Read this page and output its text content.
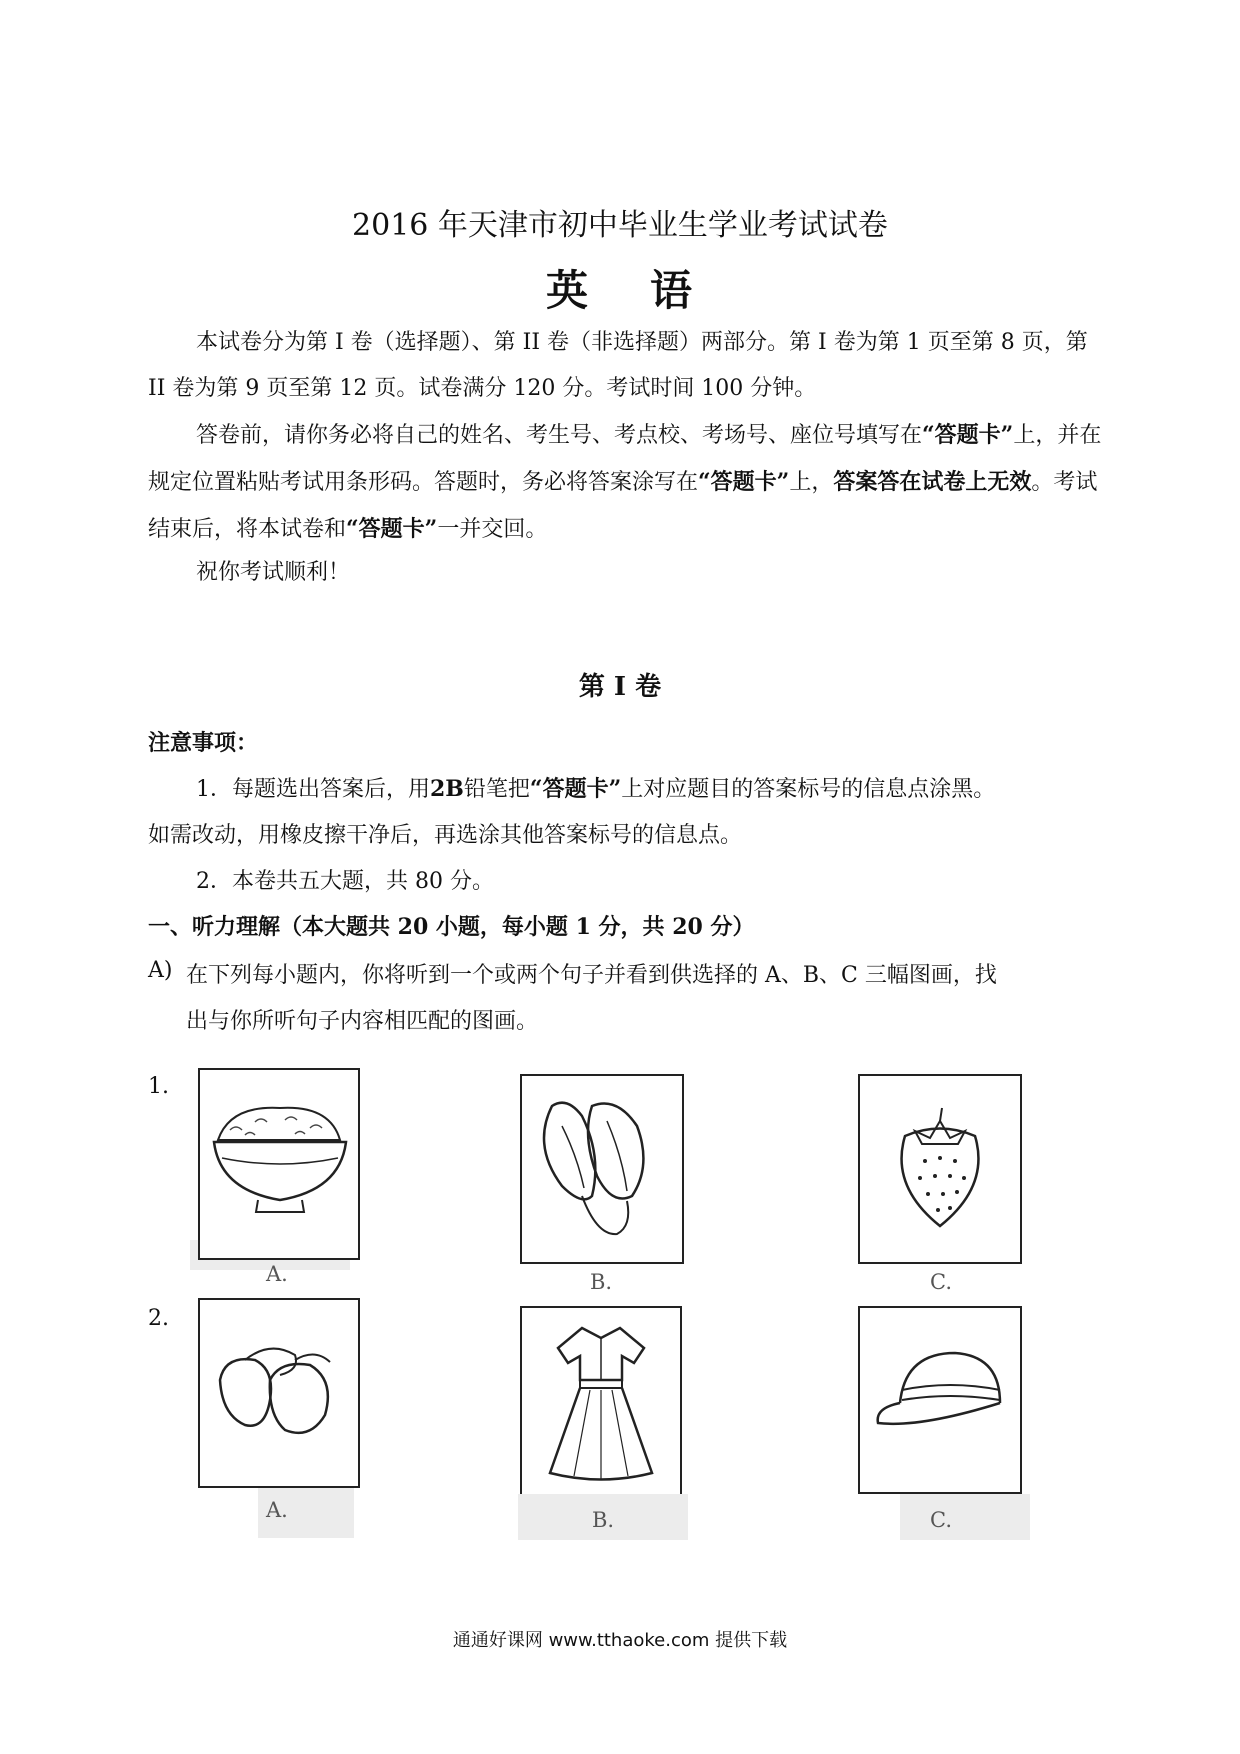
2016 年天津市初中毕业生学业考试试卷
英 语
本试卷分为第 I 卷（选择题）、第 II 卷（非选择题）两部分。第 I 卷为第 1 页至第 8 页，第 II 卷为第 9 页至第 12 页。试卷满分 120 分。考试时间 100 分钟。
答卷前，请你务必将自己的姓名、考生号、考点校、考场号、座位号填写在“答题卡”上，并在规定位置粘贴考试用条形码。答题时，务必将答案涂写在“答题卡”上，答案答在试卷上无效。考试结束后，将本试卷和“答题卡”一并交回。
祝你考试顺利！
第 I 卷
注意事项：
1．每题选出答案后，用2B铅笔把“答题卡”上对应题目的答案标号的信息点涂黑。
如需改动，用橡皮擦干净后，再选涂其他答案标号的信息点。
2．本卷共五大题，共 80 分。
一、听力理解（本大题共 20 小题，每小题 1 分，共 20 分）
A) 在下列每小题内，你将听到一个或两个句子并看到供选择的 A、B、C 三幅图画，找
出与你所听句子内容相匹配的图画。
1.
A.	B.	C.
2.
A.	B.	C.
通通好课网 www.tthaoke.com 提供下载
